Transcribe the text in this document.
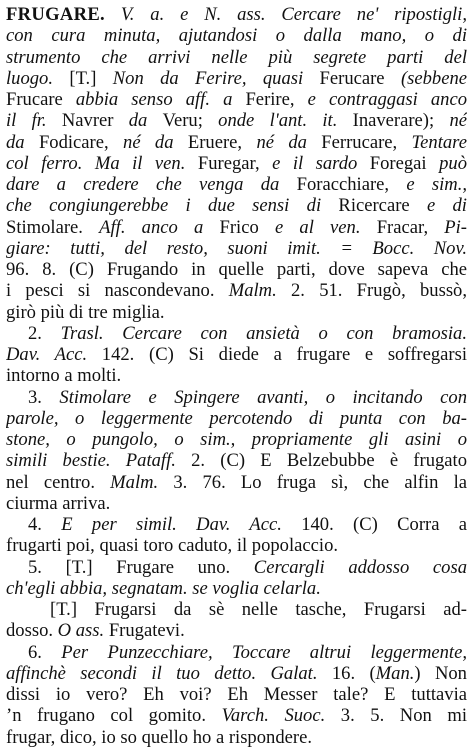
FRUGARE. V. a. e N. ass. Cercare ne' ripostigli,
con cura minuta, ajutandosi o dalla mano, o di
strumento che arrivi nelle più segrete parti del
luogo. [T.] Non da Ferire, quasi Ferucare (sebbene
Frucare abbia senso aff. a Ferire, e contraggasi anco
il fr. Navrer da Veru; onde l'ant. it. Inaverare); né
da Fodicare, né da Eruere, né da Ferrucare, Tentare
col ferro. Ma il ven. Furegar, e il sardo Foregai può
dare a credere che venga da Foracchiare, e sim.,
che congiungerebbe i due sensi di Ricercare e di
Stimolare. Aff. anco a Frico e al ven. Fracar, Pi-
giare: tutti, del resto, suoni imit. = Bocc. Nov.
96. 8. (C) Frugando in quelle parti, dove sapeva che
i pesci si nascondevano. Malm. 2. 51. Frugò, bussò,
girò più di tre miglia.
2. Trasl. Cercare con ansietà o con bramosia.
Dav. Acc. 142. (C) Si diede a frugare e soffregarsi
intorno a molti.
3. Stimolare e Spingere avanti, o incitando con
parole, o leggermente percotendo di punta con ba-
stone, o pungolo, o sim., propriamente gli asini o
simili bestie. Pataff. 2. (C) E Belzebubbe è frugato
nel centro. Malm. 3. 76. Lo fruga sì, che alfin la
ciurma arriva.
4. E per simil. Dav. Acc. 140. (C) Corra a
frugarti poi, quasi toro caduto, il popolaccio.
5. [T.] Frugare uno. Cercargli addosso cosa
ch'egli abbia, segnatam. se voglia celarla.
[T.] Frugarsi da sè nelle tasche, Frugarsi ad-
dosso. O ass. Frugatevi.
6. Per Punzecchiare, Toccare altrui leggermente,
affinchè secondi il tuo detto. Galat. 16. (Man.) Non
dissi io vero? Eh voi? Eh Messer tale? E tuttavia
ʼn frugano col gomito. Varch. Suoc. 3. 5. Non mi
frugar, dico, io so quello ho a rispondere.
